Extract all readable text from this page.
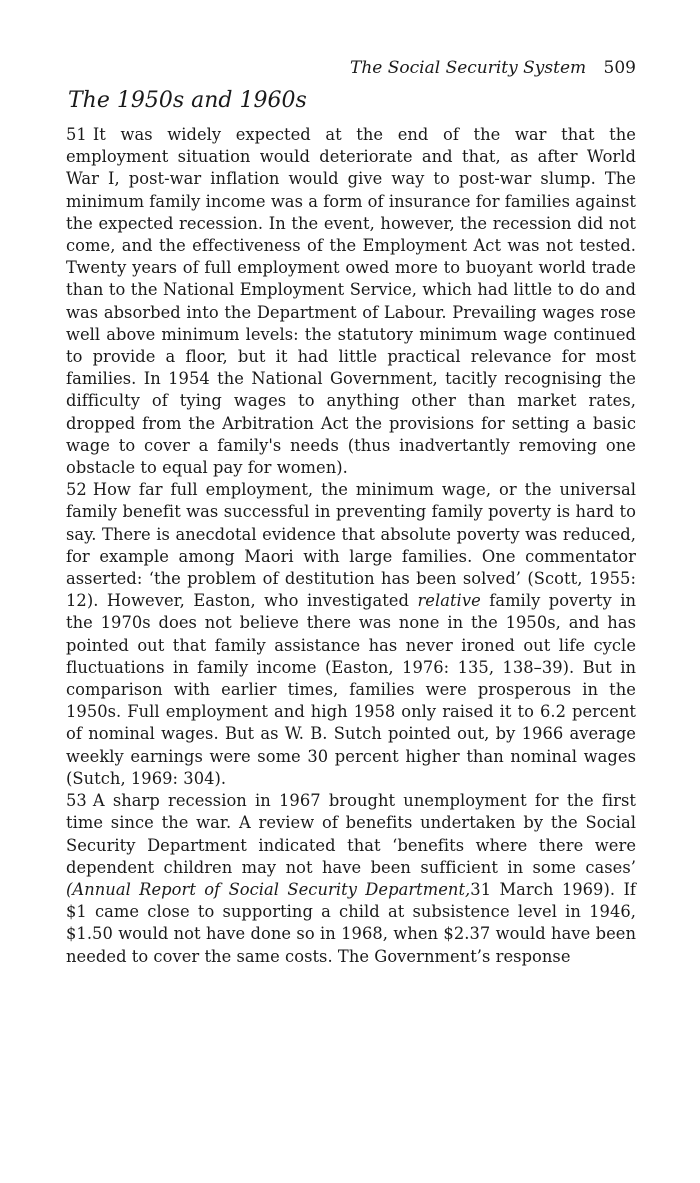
The Social Security System 509
The 1950s and 1960s

51 It was widely expected at the end of the war that the employment situation would deteriorate and that, as after World War I, post-war inflation would give way to post-war slump. The minimum family income was a form of insurance for families against the expected recession. In the event, however, the recession did not come, and the effectiveness of the Employment Act was not tested. Twenty years of full employment owed more to buoyant world trade than to the National Employment Service, which had little to do and was absorbed into the Department of Labour. Prevailing wages rose well above minimum levels: the statutory minimum wage continued to provide a floor, but it had little practical relevance for most families. In 1954 the National Government, tacitly recognising the difficulty of tying wages to anything other than market rates, dropped from the Arbitration Act the provisions for setting a basic wage to cover a family's needs (thus inadvertantly removing one obstacle to equal pay for women).

52 How far full employment, the minimum wage, or the universal family benefit was successful in preventing family poverty is hard to say. There is anecdotal evidence that absolute poverty was reduced, for example among Maori with large families. One commentator asserted: ‘the problem of destitution has been solved’ (Scott, 1955: 12). However, Easton, who investigated relative family poverty in the 1970s does not believe there was none in the 1950s, and has pointed out that family assistance has never ironed out life cycle fluctuations in family income (Easton, 1976: 135, 138–39). But in comparison with earlier times, families were prosperous in the 1950s. Full employment and high 1958 only raised it to 6.2 percent of nominal wages. But as W. B. Sutch pointed out, by 1966 average weekly earnings were some 30 percent higher than nominal wages (Sutch, 1969: 304).

53 A sharp recession in 1967 brought unemployment for the first time since the war. A review of benefits undertaken by the Social Security Department indicated that ‘benefits where there were dependent children may not have been sufficient in some cases’ (Annual Report of Social Security Department,31 March 1969). If $1 came close to supporting a child at subsistence level in 1946, $1.50 would not have done so in 1968, when $2.37 would have been needed to cover the same costs. The Government’s response
